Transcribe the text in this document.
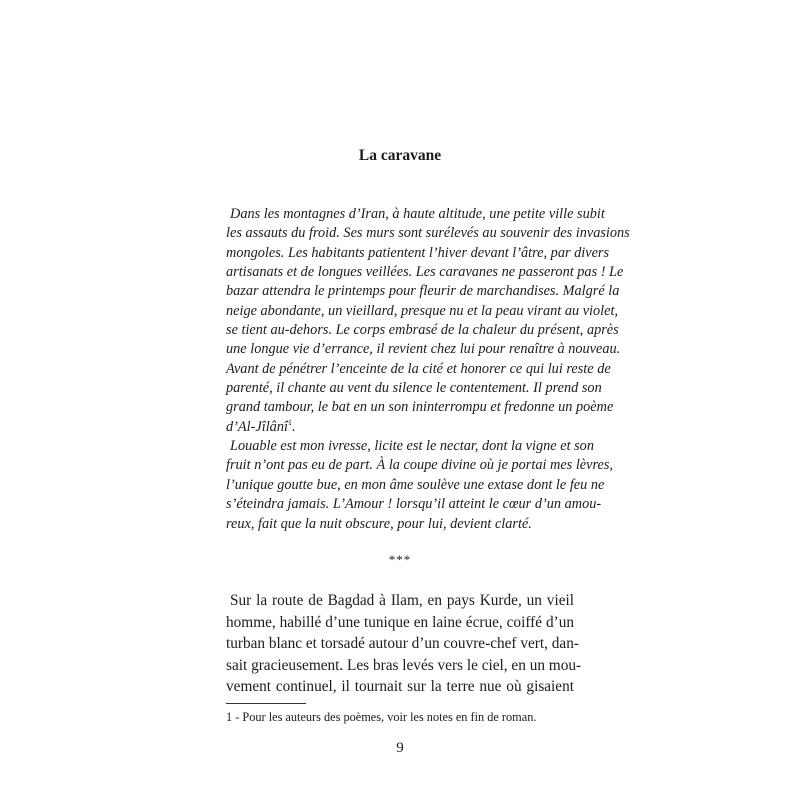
La caravane
Dans les montagnes d’Iran, à haute altitude, une petite ville subit
les assauts du froid. Ses murs sont surélevés au souvenir des invasions
mongoles. Les habitants patientent l’hiver devant l’âtre, par divers
artisanats et de longues veillées. Les caravanes ne passeront pas ! Le
bazar attendra le printemps pour fleurir de marchandises. Malgré la
neige abondante, un vieillard, presque nu et la peau virant au violet,
se tient au-dehors. Le corps embrasé de la chaleur du présent, après
une longue vie d’errance, il revient chez lui pour renaître à nouveau.
Avant de pénétrer l’enceinte de la cité et honorer ce qui lui reste de
parenté, il chante au vent du silence le contentement. Il prend son
grand tambour, le bat en un son ininterrompu et fredonne un poème
d’Al-Jîlânî$^1$.
Louable est mon ivresse, licite est le nectar, dont la vigne et son
fruit n’ont pas eu de part. À la coupe divine où je portai mes lèvres,
l’unique goutte bue, en mon âme soulève une extase dont le feu ne
s’éteindra jamais. L’Amour ! lorsqu’il atteint le cœur d’un amou-
reux, fait que la nuit obscure, pour lui, devient clarté.

***

Sur la route de Bagdad à Ilam, en pays Kurde, un vieil
homme, habillé d’une tunique en laine écrue, coiffé d’un
turban blanc et torsadé autour d’un couvre-chef vert, dan-
sait gracieusement. Les bras levés vers le ciel, en un mou-
vement continuel, il tournait sur la terre nue où gisaient

1 - Pour les auteurs des poèmes, voir les notes en fin de roman.

9
